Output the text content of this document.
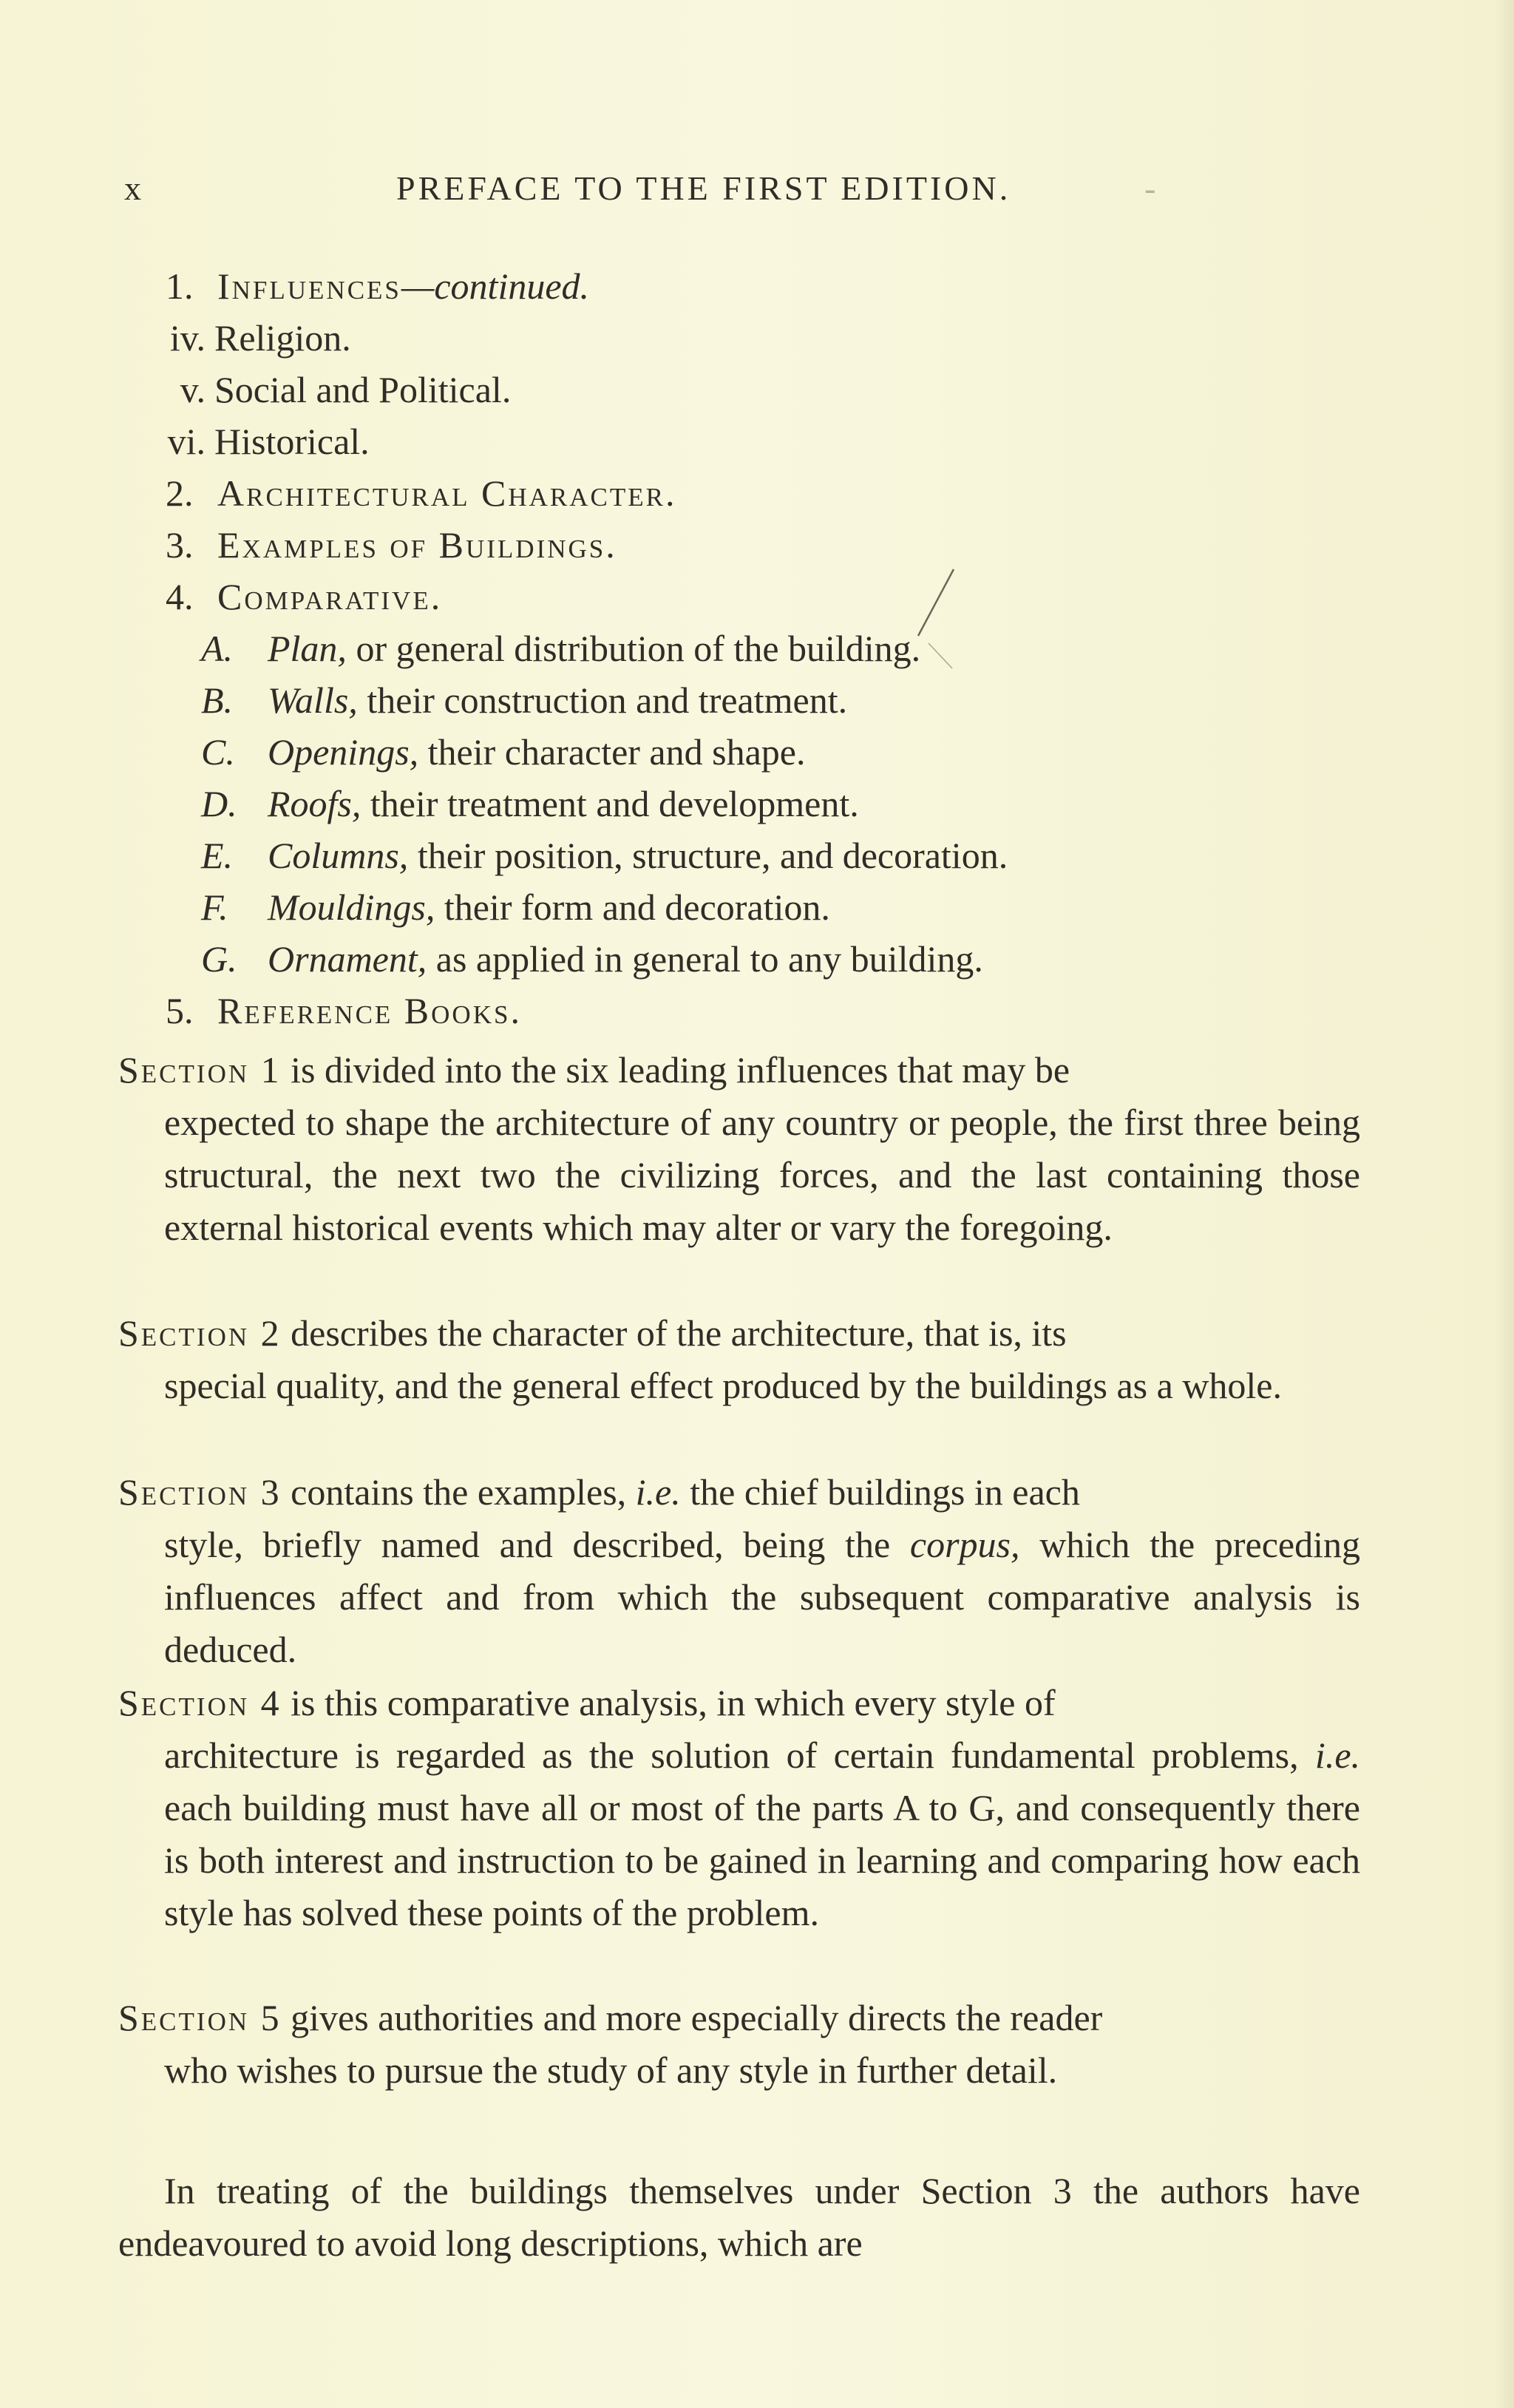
x	PREFACE TO THE FIRST EDITION.	-
1. Influences—continued.
iv. Religion.
v. Social and Political.
vi. Historical.
2. Architectural Character.
3. Examples of Buildings.
4. Comparative.
A. Plan, or general distribution of the building.
B. Walls, their construction and treatment.
C. Openings, their character and shape.
D. Roofs, their treatment and development.
E. Columns, their position, structure, and decoration.
F. Mouldings, their form and decoration.
G. Ornament, as applied in general to any building.
5. Reference Books.
Section 1 is divided into the six leading influences that may be
expected to shape the architecture of any country or people, the first three being structural, the next two the civilizing forces, and the last containing those external historical events which may alter or vary the foregoing.
Section 2 describes the character of the architecture, that is, its
special quality, and the general effect produced by the buildings as a whole.
Section 3 contains the examples, i.e. the chief buildings in each
style, briefly named and described, being the corpus, which the preceding influences affect and from which the subsequent comparative analysis is deduced.
Section 4 is this comparative analysis, in which every style of
architecture is regarded as the solution of certain fundamental problems, i.e. each building must have all or most of the parts A to G, and consequently there is both interest and instruction to be gained in learning and comparing how each style has solved these points of the problem.
Section 5 gives authorities and more especially directs the reader
who wishes to pursue the study of any style in further detail.
In treating of the buildings themselves under Section 3 the authors have endeavoured to avoid long descriptions, which are
